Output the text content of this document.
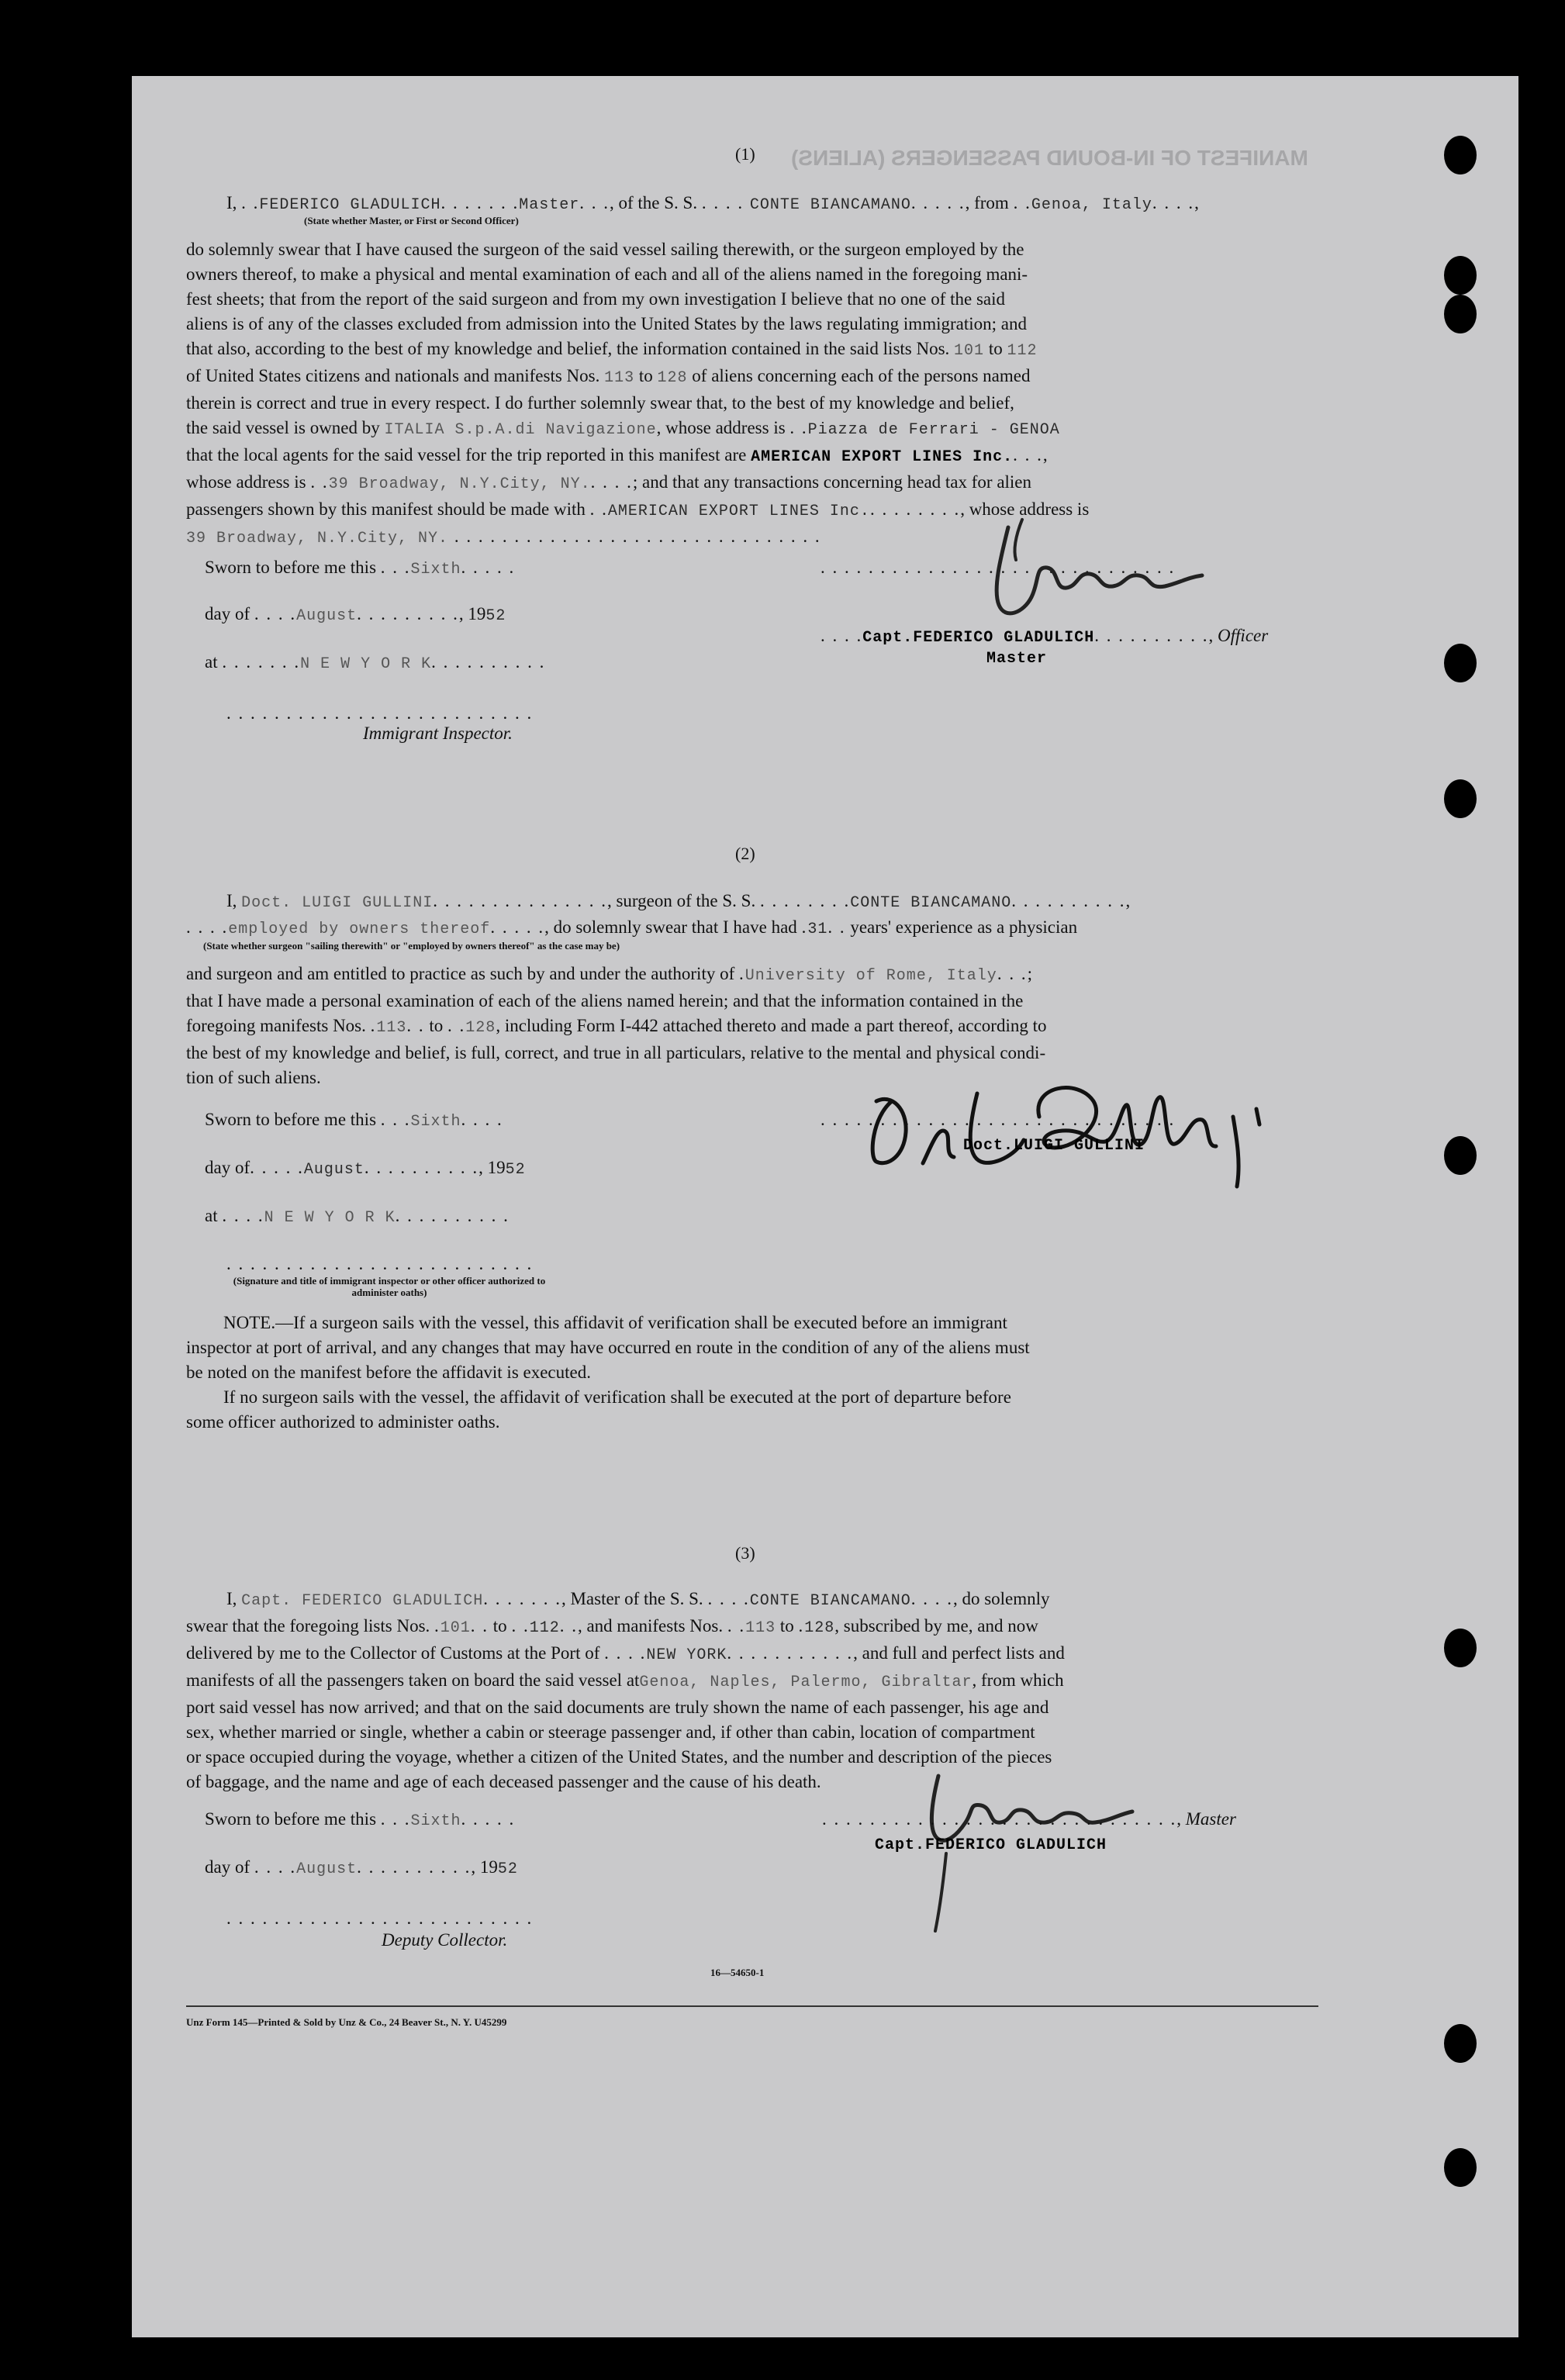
MANIFEST OF IN-BOUND PASSENGERS (ALIENS)
(1)
I, . .FEDERICO GLADULICH. . . . . . .Master. . ., of the S. S. . . . . CONTE BIANCAMANO. . . . ., from . .Genoa, Italy. . . .,
(State whether Master, or First or Second Officer)
do solemnly swear that I have caused the surgeon of the said vessel sailing therewith, or the surgeon employed by the
owners thereof, to make a physical and mental examination of each and all of the aliens named in the foregoing mani-
fest sheets; that from the report of the said surgeon and from my own investigation I believe that no one of the said
aliens is of any of the classes excluded from admission into the United States by the laws regulating immigration; and
that also, according to the best of my knowledge and belief, the information contained in the said lists Nos. 101 to 112
of United States citizens and nationals and manifests Nos. 113 to 128 of aliens concerning each of the persons named
therein is correct and true in every respect. I do further solemnly swear that, to the best of my knowledge and belief,
the said vessel is owned by ITALIA S.p.A.di Navigazione, whose address is . .Piazza de Ferrari - GENOA
that the local agents for the said vessel for the trip reported in this manifest are AMERICAN EXPORT LINES Inc.. . .,
whose address is . .39 Broadway, N.Y.City, NY.. . . .; and that any transactions concerning head tax for alien
passengers shown by this manifest should be made with . .AMERICAN EXPORT LINES Inc.. . . . . . . ., whose address is
39 Broadway, N.Y.City, NY. . . . . . . . . . . . . . . . . . . . . . . . . . . . . . . .
Sworn to before me this . . .Sixth. . . . .
day of . . . .August. . . . . . . . ., 1952
at . . . . . . .N E W Y O R K. . . . . . . . . .
. . . . . . . . . . . . . . . . . . . . . . . . . .
Immigrant Inspector.
. . . . . . . . . . . . . . . . . . . . . . . . . . . . . .
. . . .Capt.FEDERICO GLADULICH. . . . . . . . . ., Officer
Master
(2)
I, Doct. LUIGI GULLINI. . . . . . . . . . . . . . ., surgeon of the S. S. . . . . . . . .CONTE BIANCAMANO. . . . . . . . . .,
. . . .employed by owners thereof. . . . ., do solemnly swear that I have had .31. . years' experience as a physician
(State whether surgeon "sailing therewith" or "employed by owners thereof" as the case may be)
and surgeon and am entitled to practice as such by and under the authority of .University of Rome, Italy. . .;
that I have made a personal examination of each of the aliens named herein; and that the information contained in the
foregoing manifests Nos. .113. . to . .128, including Form I-442 attached thereto and made a part thereof, according to
the best of my knowledge and belief, is full, correct, and true in all particulars, relative to the mental and physical condi-
tion of such aliens.
Sworn to before me this . . .Sixth. . . .
day of. . . . .August. . . . . . . . . ., 1952
at . . . .N E W Y O R K. . . . . . . . . .
. . . . . . . . . . . . . . . . . . . . . . . . . .
(Signature and title of immigrant inspector or other officer authorized to administer oaths)
. . . . . . . . . . . . . . . . . . . . . . . . . . . . . .
Doct.LUIGI GULLINI
NOTE.—If a surgeon sails with the vessel, this affidavit of verification shall be executed before an immigrant
inspector at port of arrival, and any changes that may have occurred en route in the condition of any of the aliens must
be noted on the manifest before the affidavit is executed.
If no surgeon sails with the vessel, the affidavit of verification shall be executed at the port of departure before
some officer authorized to administer oaths.
(3)
I, Capt. FEDERICO GLADULICH. . . . . . ., Master of the S. S. . . . .CONTE BIANCAMANO. . . ., do solemnly
swear that the foregoing lists Nos. .101. . to . .112. ., and manifests Nos. . .113 to .128, subscribed by me, and now
delivered by me to the Collector of Customs at the Port of . . . .NEW YORK. . . . . . . . . . ., and full and perfect lists and
manifests of all the passengers taken on board the said vessel atGenoa, Naples, Palermo, Gibraltar, from which
port said vessel has now arrived; and that on the said documents are truly shown the name of each passenger, his age and
sex, whether married or single, whether a cabin or steerage passenger and, if other than cabin, location of compartment
or space occupied during the voyage, whether a citizen of the United States, and the number and description of the pieces
of baggage, and the name and age of each deceased passenger and the cause of his death.
Sworn to before me this . . .Sixth. . . . .
day of . . . .August. . . . . . . . . ., 1952
. . . . . . . . . . . . . . . . . . . . . . . . . .
Deputy Collector.
. . . . . . . . . . . . . . . . . . . . . . . . . . . . . ., Master
Capt.FEDERICO GLADULICH
16—54650-1
Unz Form 145—Printed & Sold by Unz & Co., 24 Beaver St., N. Y. U45299
